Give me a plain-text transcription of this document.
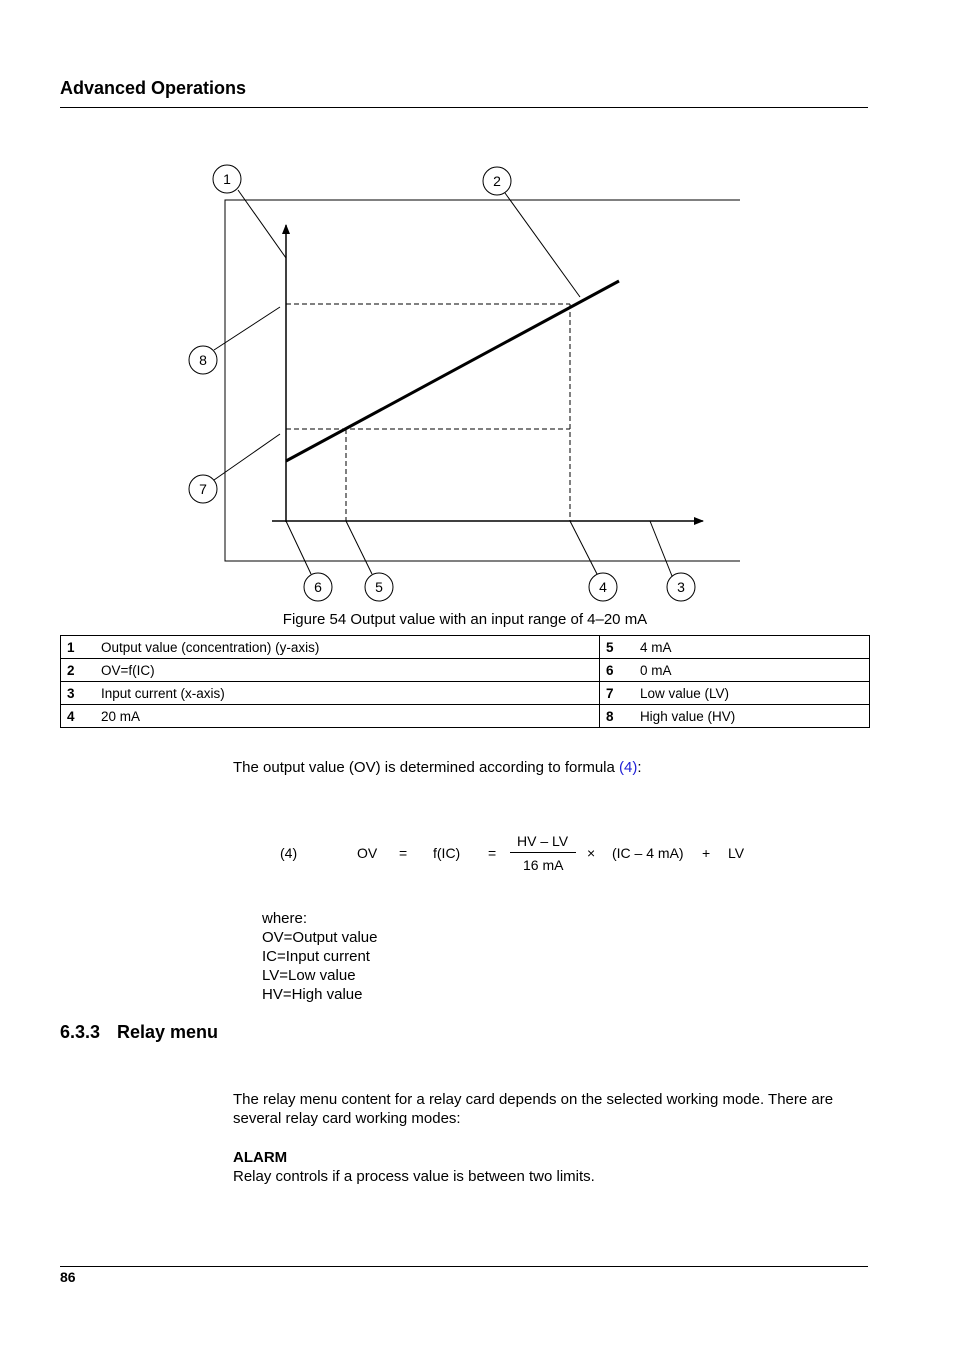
Advanced Operations
1	2
3
4
5
6
7
8
Figure 54 Output value with an input range of 4–20 mA
1	Output value (concentration) (y-axis)	5	4 mA
2	OV=f(IC)	6	0 mA
3	Input current (x-axis)	7	Low value (LV)
4	20 mA	8	High value (HV)
The output value (OV) is determined according to formula (4):
(4)	OV = f(IC) =
HV – LV
16 mA
× (IC – 4 mA) + LV
where:
OV=Output value
IC=Input current
LV=Low value
HV=High value
6.3.3 Relay menu
The relay menu content for a relay card depends on the selected working mode. There are several relay card working modes:
ALARM
Relay controls if a process value is between two limits.
86
